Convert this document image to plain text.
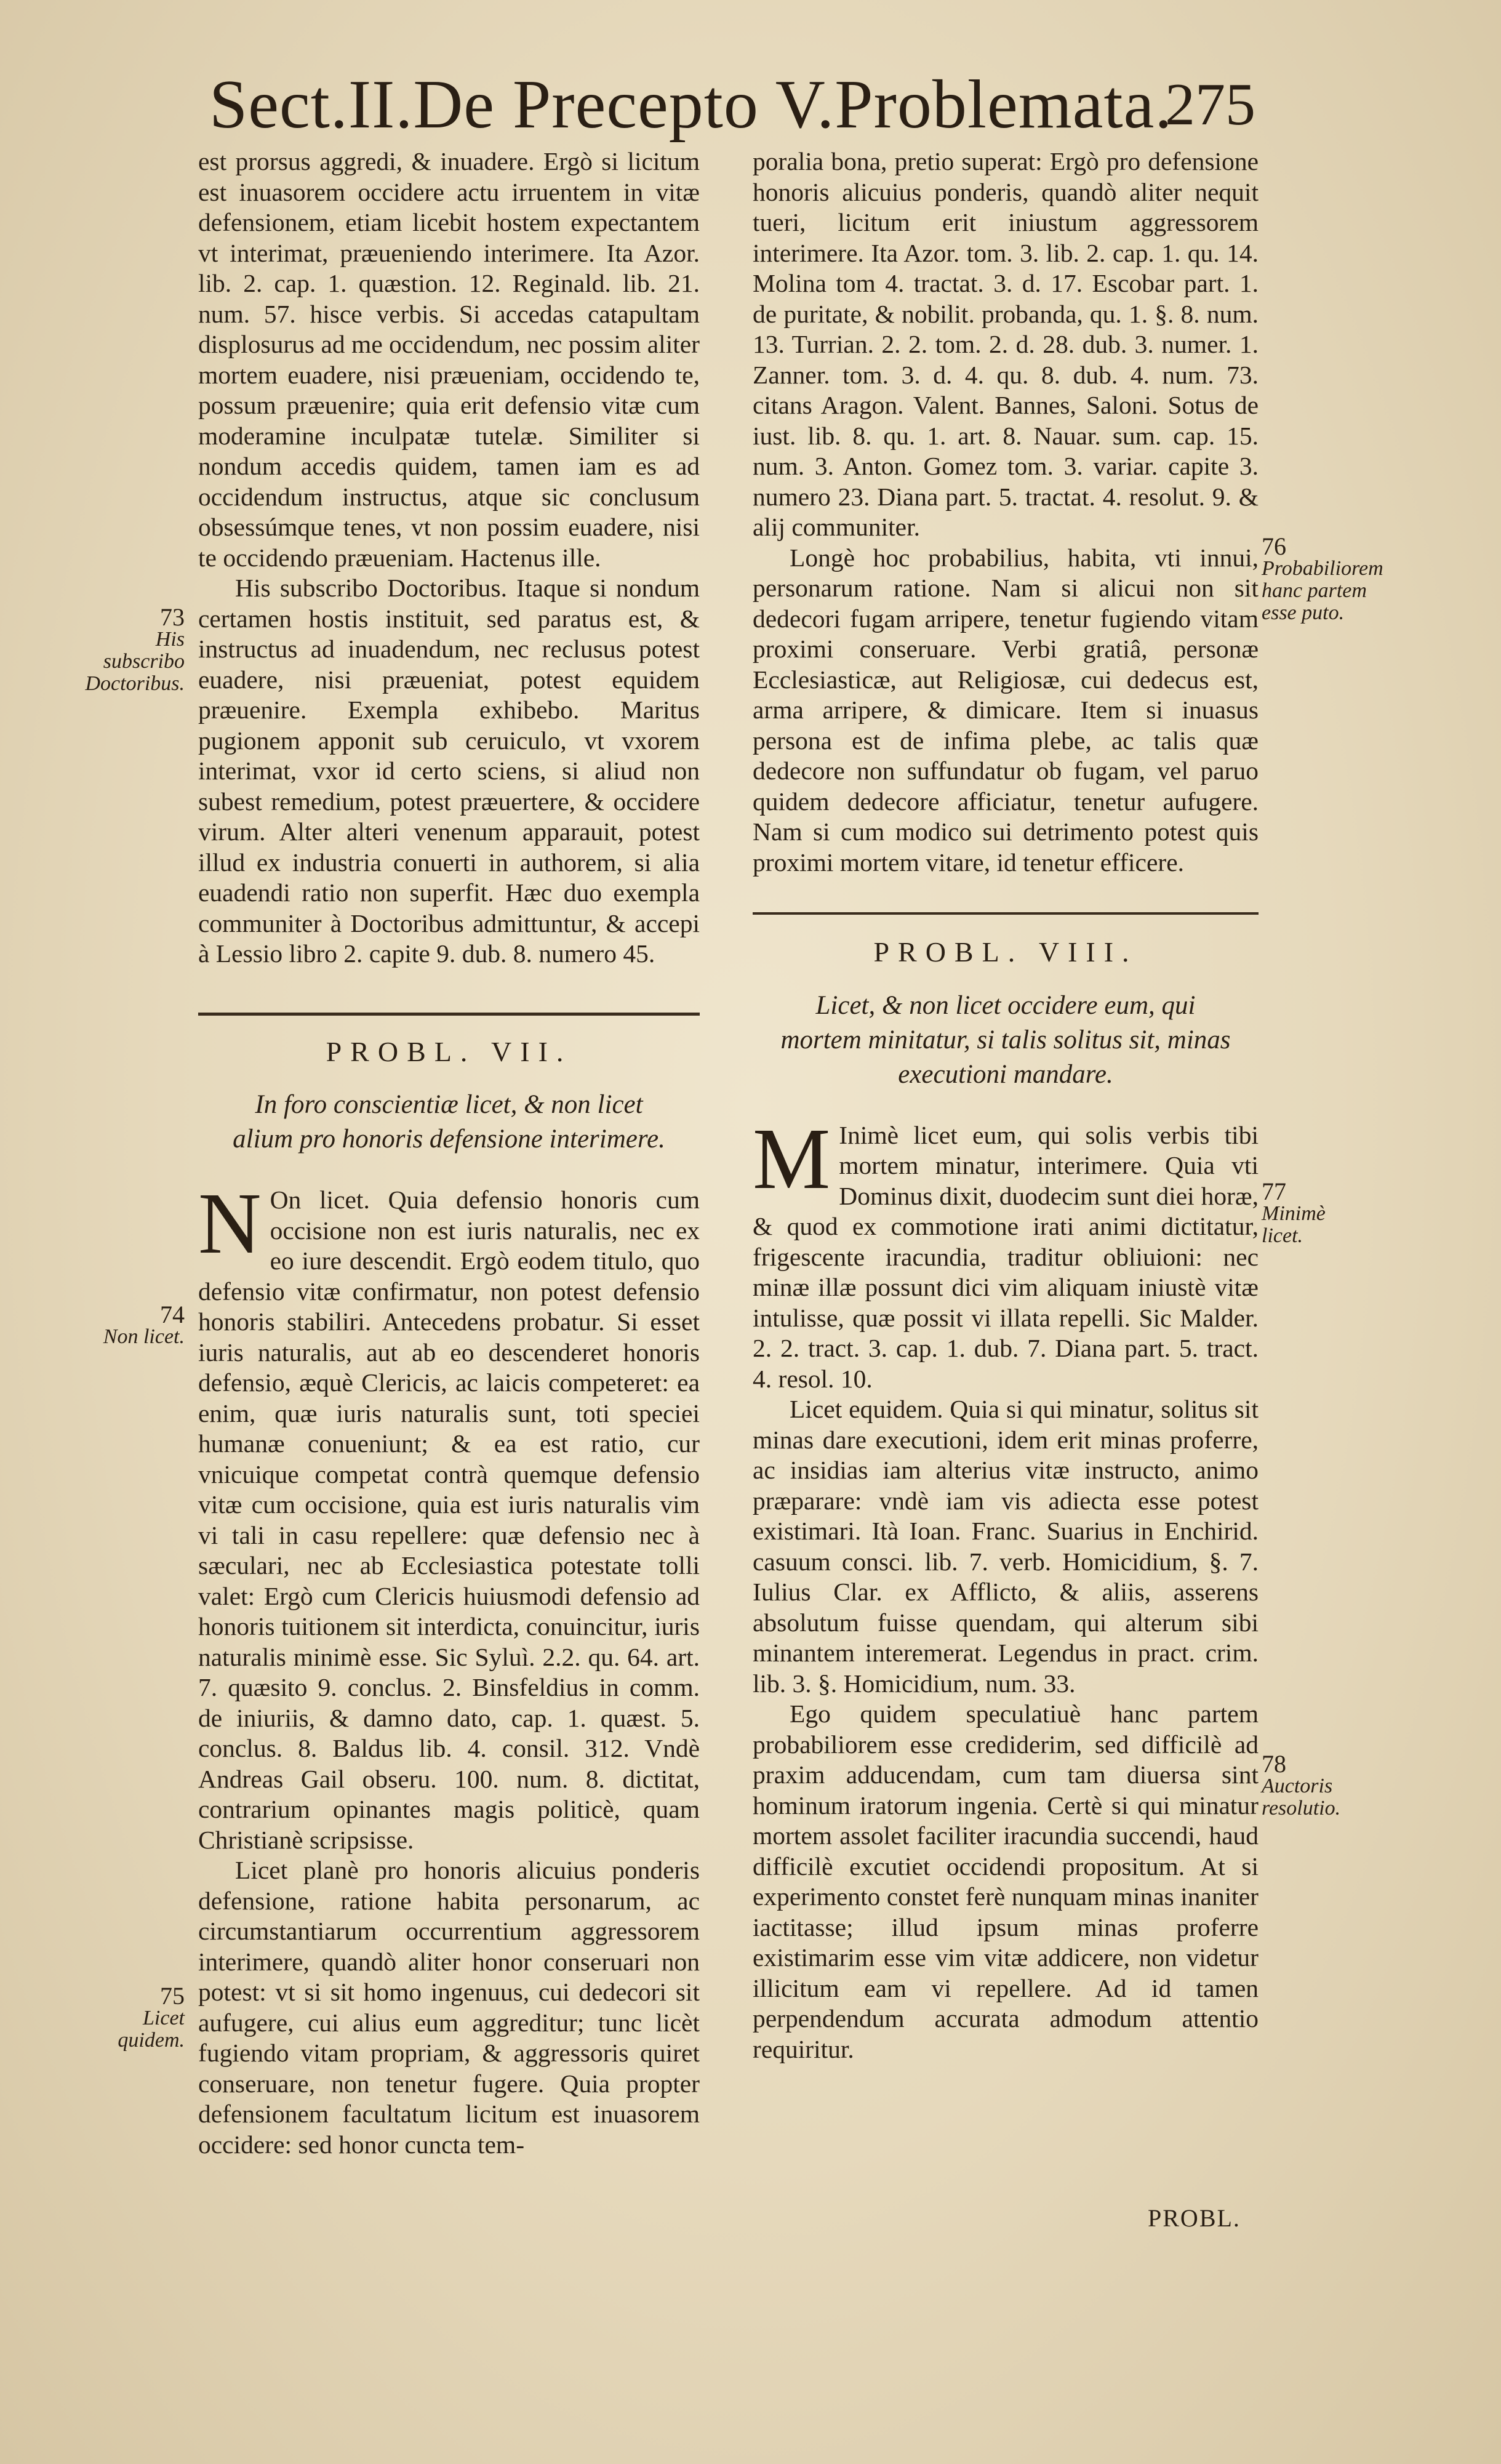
Sect.II.De Precepto V.Problemata.
275

est prorsus aggredi, & inuadere. Ergò si licitum est inuasorem occidere actu irruentem in vitæ defensionem, etiam licebit hostem expectantem vt interimat, præueniendo interimere. Ita Azor. lib. 2. cap. 1. quæstion. 12. Reginald. lib. 21. num. 57. hisce verbis. Si accedas catapultam displosurus ad me occidendum, nec possim aliter mortem euadere, nisi præueniam, occidendo te, possum præuenire; quia erit defensio vitæ cum moderamine inculpatæ tutelæ. Similiter si nondum accedis quidem, tamen iam es ad occidendum instructus, atque sic conclusum obsessúmque tenes, vt non possim euadere, nisi te occidendo præueniam. Hactenus ille.

His subscribo Doctoribus. Itaque si nondum certamen hostis instituit, sed paratus est, & instructus ad inuadendum, nec reclusus potest euadere, nisi præueniat, potest equidem præuenire. Exempla exhibebo. Maritus pugionem apponit sub ceruiculo, vt vxorem interimat, vxor id certo sciens, si aliud non subest remedium, potest præuertere, & occidere virum. Alter alteri venenum apparauit, potest illud ex industria conuerti in authorem, si alia euadendi ratio non superfit. Hæc duo exempla communiter à Doctoribus admittuntur, & accepi à Lessio libro 2. capite 9. dub. 8. numero 45.

PROBL. VII.
In foro conscientiæ licet, & non licet alium pro honoris defensione interimere.
N On licet. Quia defensio honoris cum occisione non est iuris naturalis, nec ex eo iure descendit. Ergò eodem titulo, quo defensio vitæ confirmatur, non potest defensio honoris stabiliri. Antecedens probatur. Si esset iuris naturalis, aut ab eo descenderet honoris defensio, æquè Clericis, ac laicis competeret: ea enim, quæ iuris naturalis sunt, toti speciei humanæ conueniunt; & ea est ratio, cur vnicuique competat contrà quemque defensio vitæ cum occisione, quia est iuris naturalis vim vi tali in casu repellere: quæ defensio nec à sæculari, nec ab Ecclesiastica potestate tolli valet: Ergò cum Clericis huiusmodi defensio ad honoris tuitionem sit interdicta, conuincitur, iuris naturalis minimè esse. Sic Syluì. 2.2. qu. 64. art. 7. quæsito 9. conclus. 2. Binsfeldius in comm. de iniuriis, & damno dato, cap. 1. quæst. 5. conclus. 8. Baldus lib. 4. consil. 312. Vndè Andreas Gail obseru. 100. num. 8. dictitat, contrarium opinantes magis politicè, quam Christianè scripsisse.

Licet planè pro honoris alicuius ponderis defensione, ratione habita personarum, ac circumstantiarum occurrentium aggressorem interimere, quandò aliter honor conseruari non potest: vt si sit homo ingenuus, cui dedecori sit aufugere, cui alius eum aggreditur; tunc licèt fugiendo vitam propriam, & aggressoris quiret conseruare, non tenetur fugere. Quia propter defensionem facultatum licitum est inuasorem occidere: sed honor cuncta tem-

poralia bona, pretio superat: Ergò pro defensione honoris alicuius ponderis, quandò aliter nequit tueri, licitum erit iniustum aggressorem interimere. Ita Azor. tom. 3. lib. 2. cap. 1. qu. 14. Molina tom 4. tractat. 3. d. 17. Escobar part. 1. de puritate, & nobilit. probanda, qu. 1. §. 8. num. 13. Turrian. 2. 2. tom. 2. d. 28. dub. 3. numer. 1. Zanner. tom. 3. d. 4. qu. 8. dub. 4. num. 73. citans Aragon. Valent. Bannes, Saloni. Sotus de iust. lib. 8. qu. 1. art. 8. Nauar. sum. cap. 15. num. 3. Anton. Gomez tom. 3. variar. capite 3. numero 23. Diana part. 5. tractat. 4. resolut. 9. & alij communiter.

Longè hoc probabilius, habita, vti innui, personarum ratione. Nam si alicui non sit dedecori fugam arripere, tenetur fugiendo vitam proximi conseruare. Verbi gratiâ, personæ Ecclesiasticæ, aut Religiosæ, cui dedecus est, arma arripere, & dimicare. Item si inuasus persona est de infima plebe, ac talis quæ dedecore non suffundatur ob fugam, vel paruo quidem dedecore afficiatur, tenetur aufugere. Nam si cum modico sui detrimento potest quis proximi mortem vitare, id tenetur efficere.

PROBL. VIII.
Licet, & non licet occidere eum, qui mortem minitatur, si talis solitus sit, minas executioni mandare.
M Inimè licet eum, qui solis verbis tibi mortem minatur, interimere. Quia vti Dominus dixit, duodecim sunt diei horæ, & quod ex commotione irati animi dictitatur, frigescente iracundia, traditur obliuioni: nec minæ illæ possunt dici vim aliquam iniustè vitæ intulisse, quæ possit vi illata repelli. Sic Malder. 2. 2. tract. 3. cap. 1. dub. 7. Diana part. 5. tract. 4. resol. 10.

Licet equidem. Quia si qui minatur, solitus sit minas dare executioni, idem erit minas proferre, ac insidias iam alterius vitæ instructo, animo præparare: vndè iam vis adiecta esse potest existimari. Ità Ioan. Franc. Suarius in Enchirid. casuum consci. lib. 7. verb. Homicidium, §. 7. Iulius Clar. ex Afflicto, & aliis, asserens absolutum fuisse quendam, qui alterum sibi minantem interemerat. Legendus in pract. crim. lib. 3. §. Homicidium, num. 33.

Ego quidem speculatiuè hanc partem probabiliorem esse crediderim, sed difficilè ad praxim adducendam, cum tam diuersa sint hominum iratorum ingenia. Certè si qui minatur mortem assolet faciliter iracundia succendi, haud difficilè excutiet occidendi propositum. At si experimento constet ferè nunquam minas inaniter iactitasse; illud ipsum minas proferre existimarim esse vim vitæ addicere, non videtur illicitum eam vi repellere. Ad id tamen perpendendum accurata admodum attentio requiritur.

73
His subscribo Doctoribus.
74
Non licet.
75
Licet quidem.
76
Probabiliorem hanc partem esse puto.
77
Minimè licet.
78
Auctoris resolutio.
PROBL.
